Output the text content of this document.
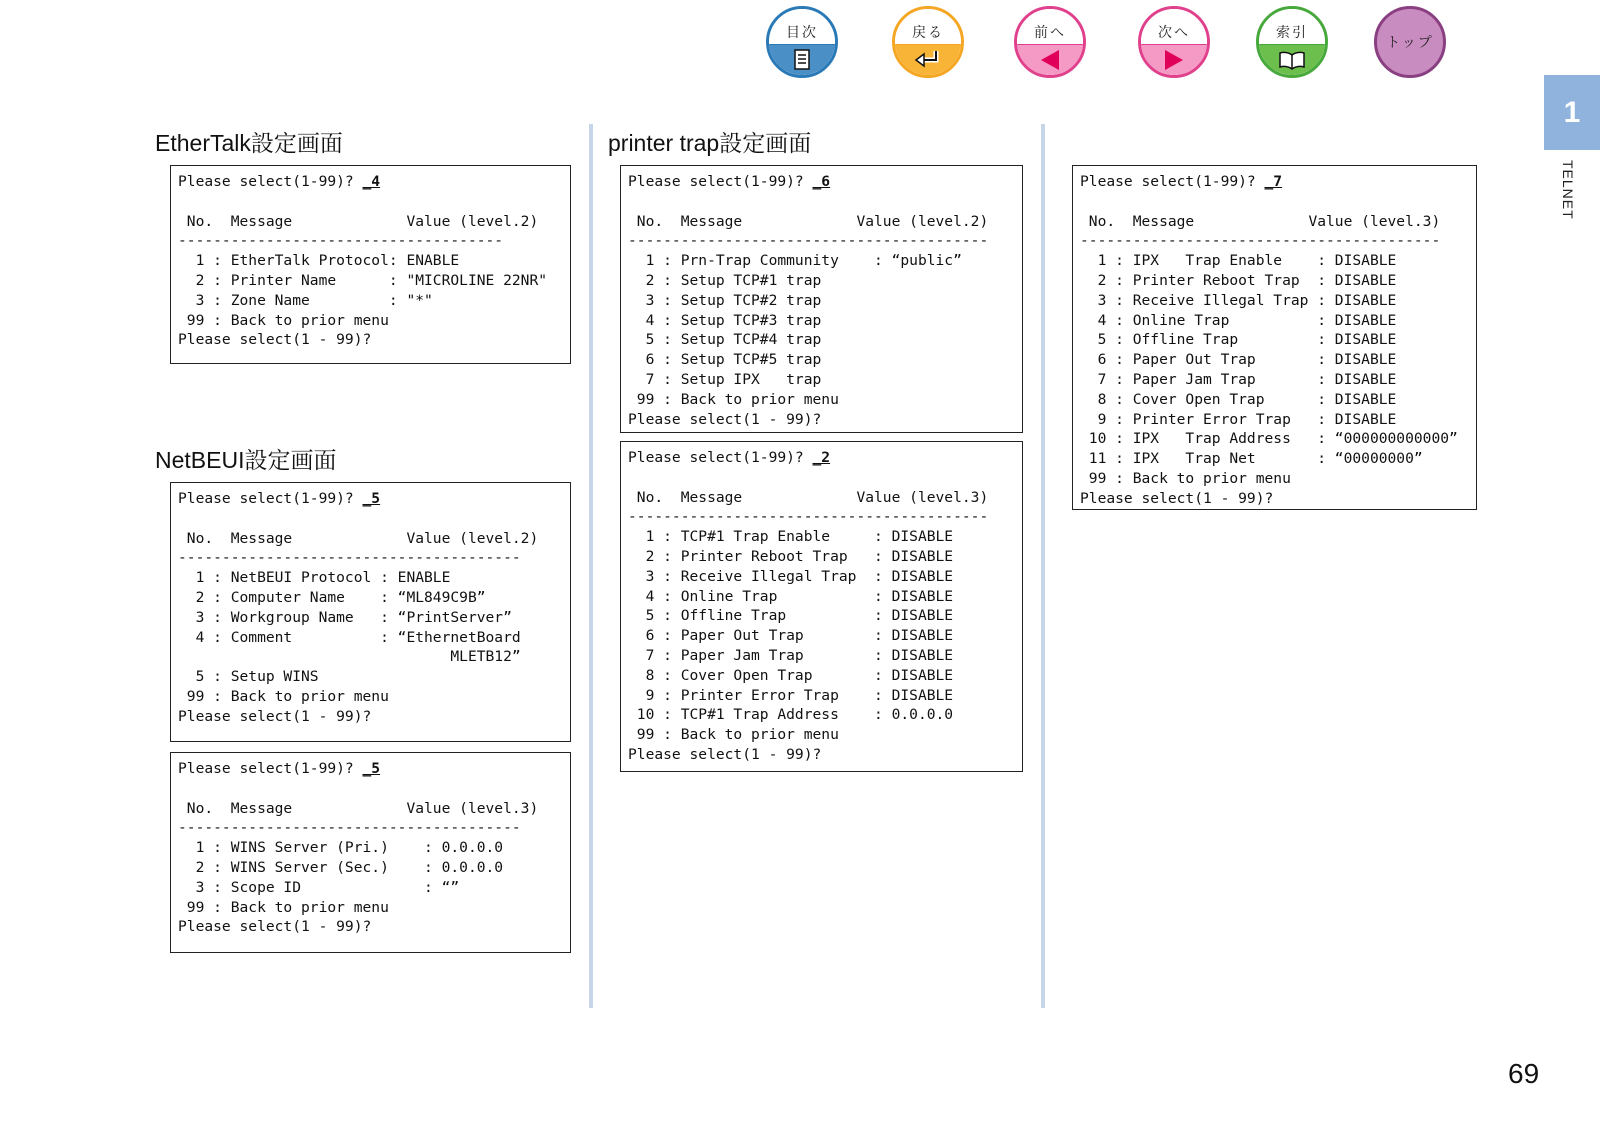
目次	戻る	前へ	次へ	索引
トップ
1
TELNET
EtherTalk設定画面
NetBEUI設定画面
printer trap設定画面
Please select(1-99)? _4

No.  Message             Value (level.2)
-------------------------------------
1 : EtherTalk Protocol: ENABLE
2 : Printer Name      : "MICROLINE 22NR"
3 : Zone Name         : "*"
99 : Back to prior menu
Please select(1 - 99)?
Please select(1-99)? _5

No.  Message             Value (level.2)
---------------------------------------
1 : NetBEUI Protocol : ENABLE
2 : Computer Name    : “ML849C9B”
3 : Workgroup Name   : “PrintServer”
4 : Comment          : “EthernetBoard
MLETB12”
5 : Setup WINS
99 : Back to prior menu
Please select(1 - 99)?
Please select(1-99)? _5

No.  Message             Value (level.3)
---------------------------------------
1 : WINS Server (Pri.)    : 0.0.0.0
2 : WINS Server (Sec.)    : 0.0.0.0
3 : Scope ID              : “”
99 : Back to prior menu
Please select(1 - 99)?
Please select(1-99)? _6

No.  Message             Value (level.2)
-----------------------------------------
1 : Prn-Trap Community    : “public”
2 : Setup TCP#1 trap
3 : Setup TCP#2 trap
4 : Setup TCP#3 trap
5 : Setup TCP#4 trap
6 : Setup TCP#5 trap
7 : Setup IPX   trap
99 : Back to prior menu
Please select(1 - 99)?
Please select(1-99)? _2

No.  Message             Value (level.3)
-----------------------------------------
1 : TCP#1 Trap Enable     : DISABLE
2 : Printer Reboot Trap   : DISABLE
3 : Receive Illegal Trap  : DISABLE
4 : Online Trap           : DISABLE
5 : Offline Trap          : DISABLE
6 : Paper Out Trap        : DISABLE
7 : Paper Jam Trap        : DISABLE
8 : Cover Open Trap       : DISABLE
9 : Printer Error Trap    : DISABLE
10 : TCP#1 Trap Address    : 0.0.0.0
99 : Back to prior menu
Please select(1 - 99)?
Please select(1-99)? _7

No.  Message             Value (level.3)
-----------------------------------------
1 : IPX   Trap Enable    : DISABLE
2 : Printer Reboot Trap  : DISABLE
3 : Receive Illegal Trap : DISABLE
4 : Online Trap          : DISABLE
5 : Offline Trap         : DISABLE
6 : Paper Out Trap       : DISABLE
7 : Paper Jam Trap       : DISABLE
8 : Cover Open Trap      : DISABLE
9 : Printer Error Trap   : DISABLE
10 : IPX   Trap Address   : “000000000000”
11 : IPX   Trap Net       : “00000000”
99 : Back to prior menu
Please select(1 - 99)?
69
